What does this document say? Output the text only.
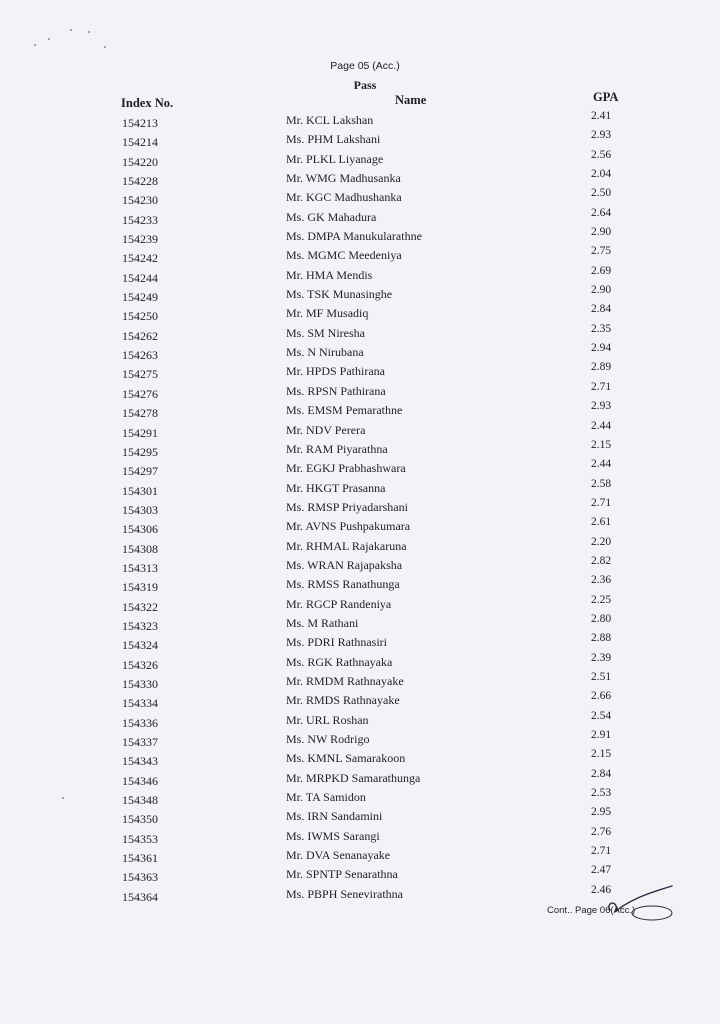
Page 05 (Acc.)
Pass
Index No.	Name	GPA
154213	Mr. KCL Lakshan	2.41
154214	Ms. PHM Lakshani	2.93
154220	Mr. PLKL Liyanage	2.56
154228	Mr. WMG Madhusanka	2.04
154230	Mr. KGC Madhushanka	2.50
154233	Ms. GK Mahadura	2.64
154239	Ms. DMPA Manukularathne	2.90
154242	Ms. MGMC Meedeniya	2.75
154244	Mr. HMA Mendis	2.69
154249	Ms. TSK Munasinghe	2.90
154250	Mr. MF Musadiq	2.84
154262	Ms. SM Niresha	2.35
154263	Ms. N Nirubana	2.94
154275	Mr. HPDS Pathirana	2.89
154276	Ms. RPSN Pathirana	2.71
154278	Ms. EMSM Pemarathne	2.93
154291	Mr. NDV Perera	2.44
154295	Mr. RAM Piyarathna	2.15
154297	Mr. EGKJ Prabhashwara	2.44
154301	Mr. HKGT Prasanna	2.58
154303	Ms. RMSP Priyadarshani	2.71
154306	Mr. AVNS Pushpakumara	2.61
154308	Mr. RHMAL Rajakaruna	2.20
154313	Ms. WRAN Rajapaksha	2.82
154319	Ms. RMSS Ranathunga	2.36
154322	Mr. RGCP Randeniya	2.25
154323	Ms. M Rathani	2.80
154324	Ms. PDRI Rathnasiri	2.88
154326	Ms. RGK Rathnayaka	2.39
154330	Mr. RMDM Rathnayake	2.51
154334	Mr. RMDS Rathnayake	2.66
154336	Mr. URL Roshan	2.54
154337	Ms. NW Rodrigo	2.91
154343	Ms. KMNL Samarakoon	2.15
154346	Mr. MRPKD Samarathunga	2.84
154348	Mr. TA Samidon	2.53
154350	Ms. IRN Sandamini	2.95
154353	Ms. IWMS Sarangi	2.76
154361	Mr. DVA Senanayake	2.71
154363	Mr. SPNTP Senarathna	2.47
154364	Ms. PBPH Senevirathna	2.46
Cont.. Page 06(Acc.)
